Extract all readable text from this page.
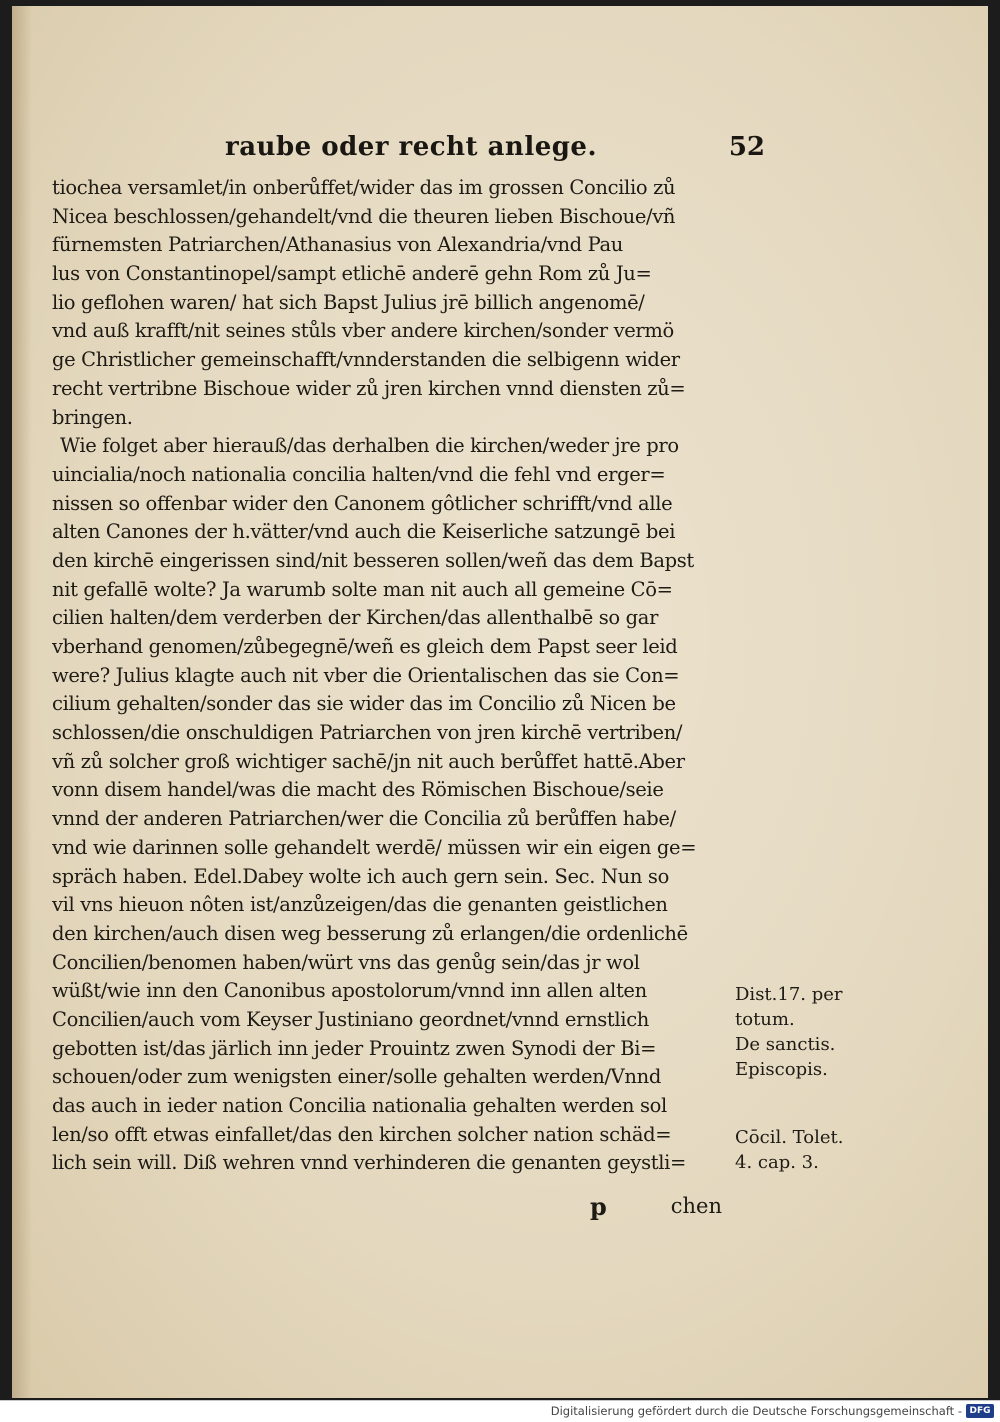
raube oder recht anlege.	52
tiochea versamlet/in onberůffet/wider das im grossen Concilio zů
Nicea beschlossen/gehandelt/vnd die theuren lieben Bischoue/vñ
fürnemsten Patriarchen/Athanasius von Alexandria/vnd Pau
lus von Constantinopel/sampt etlichē anderē gehn Rom zů Ju=
lio geflohen waren/ hat sich Bapst Julius jrē billich angenomē/
vnd auß krafft/nit seines stůls vber andere kirchen/sonder vermö
ge Christlicher gemeinschafft/vnnderstanden die selbigenn wider
recht vertribne Bischoue wider zů jren kirchen vnnd diensten zů=
bringen.
Wie folget aber hierauß/das derhalben die kirchen/weder jre pro
uincialia/noch nationalia concilia halten/vnd die fehl vnd erger=
nissen so offenbar wider den Canonem gôtlicher schrifft/vnd alle
alten Canones der h.vätter/vnd auch die Keiserliche satzungē bei
den kirchē eingerissen sind/nit besseren sollen/weñ das dem Bapst
nit gefallē wolte? Ja warumb solte man nit auch all gemeine Cō=
cilien halten/dem verderben der Kirchen/das allenthalbē so gar
vberhand genomen/zůbegegnē/weñ es gleich dem Papst seer leid
were? Julius klagte auch nit vber die Orientalischen das sie Con=
cilium gehalten/sonder das sie wider das im Concilio zů Nicen be
schlossen/die onschuldigen Patriarchen von jren kirchē vertriben/
vñ zů solcher groß wichtiger sachē/jn nit auch berůffet hattē.Aber
vonn disem handel/was die macht des Römischen Bischoue/seie
vnnd der anderen Patriarchen/wer die Concilia zů berůffen habe/
vnd wie darinnen solle gehandelt werdē/ müssen wir ein eigen ge=
spräch haben. Edel.Dabey wolte ich auch gern sein. Sec. Nun so
vil vns hieuon nôten ist/anzůzeigen/das die genanten geistlichen
den kirchen/auch disen weg besserung zů erlangen/die ordenlichē
Concilien/benomen haben/würt vns das genůg sein/das jr wol
wüßt/wie inn den Canonibus apostolorum/vnnd inn allen alten
Concilien/auch vom Keyser Justiniano geordnet/vnnd ernstlich
gebotten ist/das järlich inn jeder Prouintz zwen Synodi der Bi=
schouen/oder zum wenigsten einer/solle gehalten werden/Vnnd
das auch in ieder nation Concilia nationalia gehalten werden sol
len/so offt etwas einfallet/das den kirchen solcher nation schäd=
lich sein will. Diß wehren vnnd verhinderen die genanten geystli=
Dist.17. per
totum.
De sanctis.
Episcopis.
Cōcil. Tolet.
4. cap. 3.
p	chen
Digitalisierung gefördert durch die Deutsche Forschungsgemeinschaft - DFG
